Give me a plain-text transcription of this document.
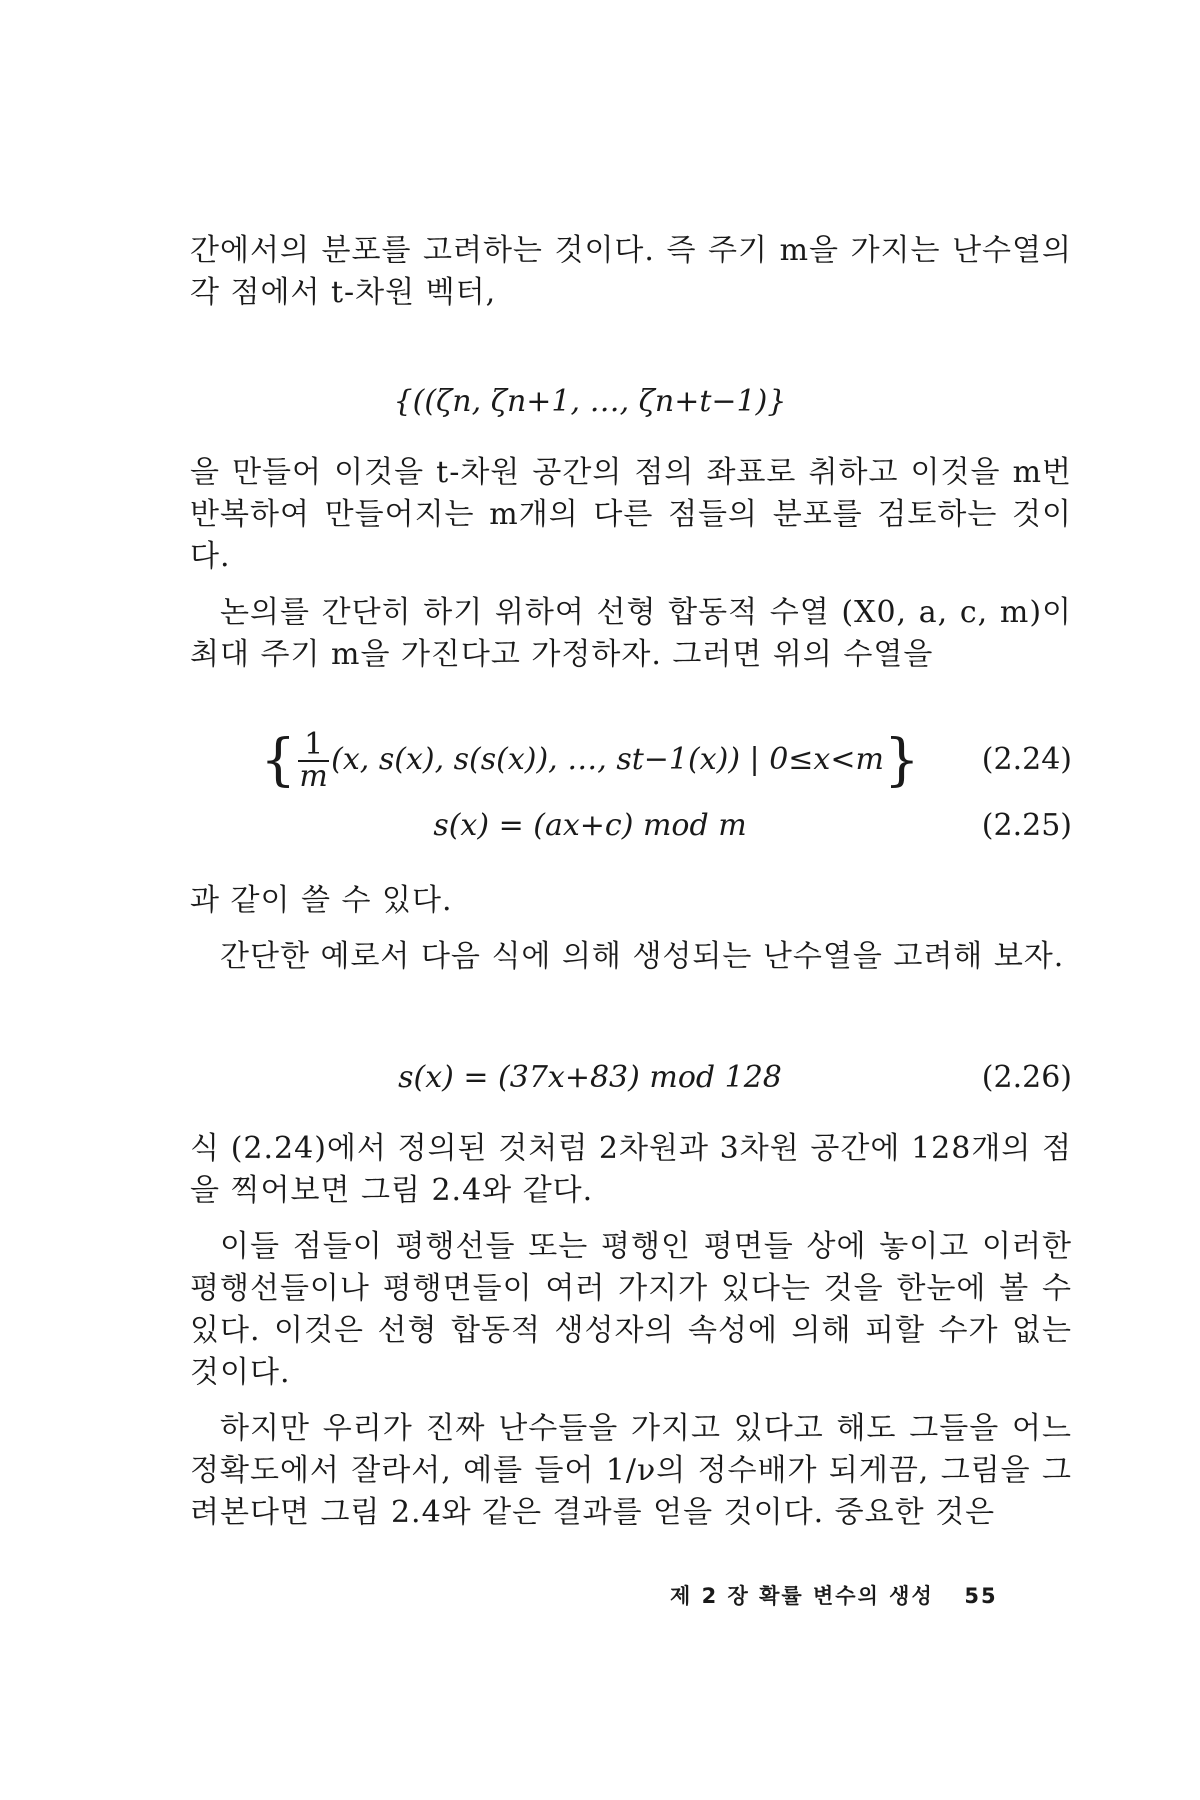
간에서의 분포를 고려하는 것이다. 즉 주기 m을 가지는 난수열의 각 점에서 t-차원 벡터,

{((ζn, ζn+1, …, ζn+t−1)}

을 만들어 이것을 t-차원 공간의 점의 좌표로 취하고 이것을 m번 반복하여 만들어지는 m개의 다른 점들의 분포를 검토하는 것이다.

논의를 간단히 하기 위하여 선형 합동적 수열 (X0, a, c, m)이 최대 주기 m을 가진다고 가정하자. 그러면 위의 수열을

{ $\frac{1}{m} (x$, s(x), s(s(x)), …, st−1(x)) | 0≤x<m}	(2.24)
s(x) = (ax+c) mod m	(2.25)

과 같이 쓸 수 있다.

간단한 예로서 다음 식에 의해 생성되는 난수열을 고려해 보자.

s(x) = (37x+83) mod 128	(2.26)

식 (2.24)에서 정의된 것처럼 2차원과 3차원 공간에 128개의 점을 찍어보면 그림 2.4와 같다.

이들 점들이 평행선들 또는 평행인 평면들 상에 놓이고 이러한 평행선들이나 평행면들이 여러 가지가 있다는 것을 한눈에 볼 수 있다. 이것은 선형 합동적 생성자의 속성에 의해 피할 수가 없는 것이다.

하지만 우리가 진짜 난수들을 가지고 있다고 해도 그들을 어느 정확도에서 잘라서, 예를 들어 1/ν의 정수배가 되게끔, 그림을 그려본다면 그림 2.4와 같은 결과를 얻을 것이다. 중요한 것은

제 2 장 확률 변수의 생성 55
